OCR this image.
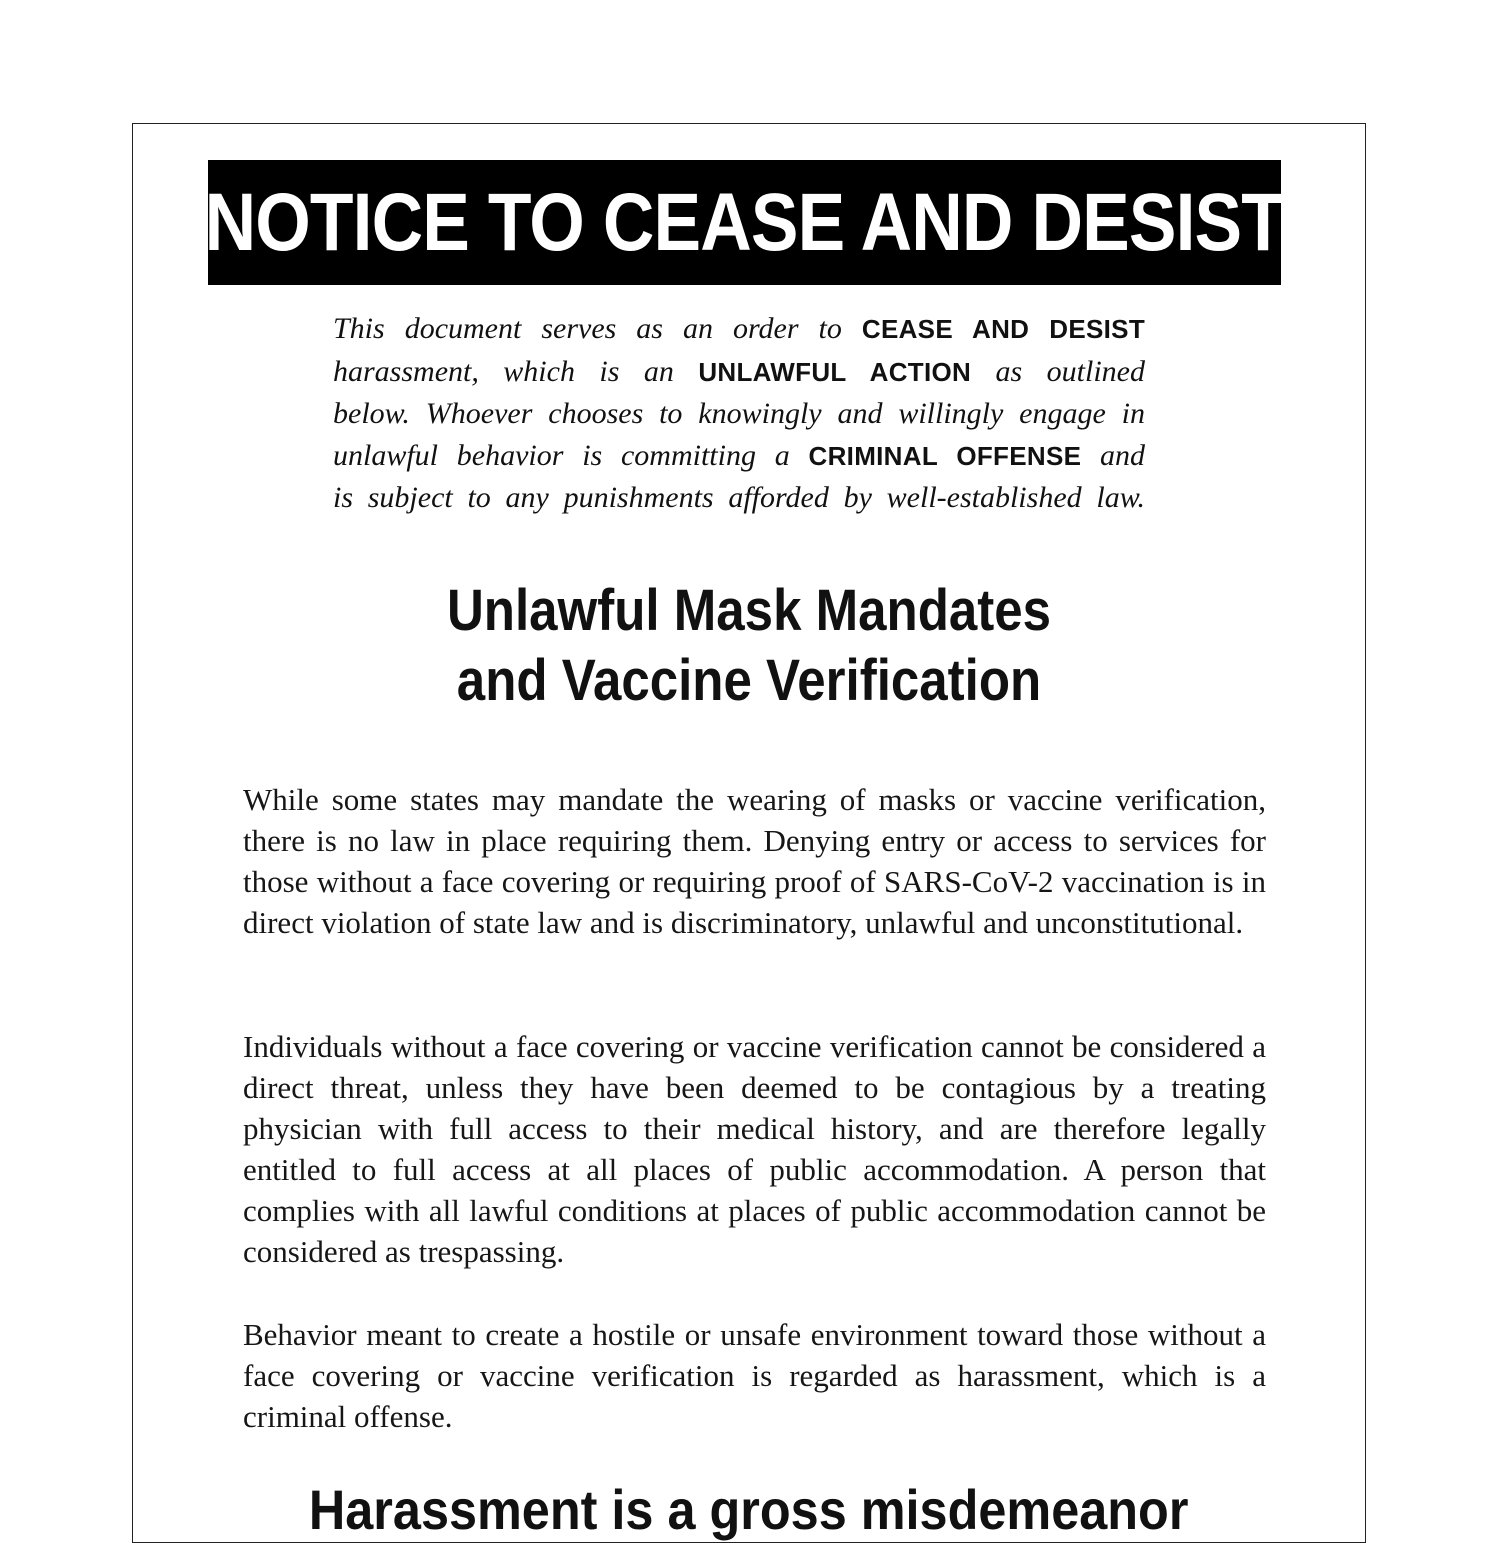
NOTICE TO CEASE AND DESIST
This document serves as an order to CEASE AND DESIST
harassment, which is an UNLAWFUL ACTION as outlined
below. Whoever chooses to knowingly and willingly engage in
unlawful behavior is committing a CRIMINAL OFFENSE and
is subject to any punishments afforded by well-established law.
Unlawful Mask Mandates
and Vaccine Verification

While some states may mandate the wearing of masks or vaccine verification, there is no law in place requiring them. Denying entry or access to services for those without a face covering or requiring proof of SARS-CoV-2 vaccination is in direct violation of state law and is discriminatory, unlawful and unconstitutional.

Individuals without a face covering or vaccine verification cannot be considered a direct threat, unless they have been deemed to be contagious by a treating physician with full access to their medical history, and are therefore legally entitled to full access at all places of public accommodation. A person that complies with all lawful conditions at places of public accommodation cannot be considered as trespassing.

Behavior meant to create a hostile or unsafe environment toward those without a face covering or vaccine verification is regarded as harassment, which is a criminal offense.

Harassment is a gross misdemeanor
